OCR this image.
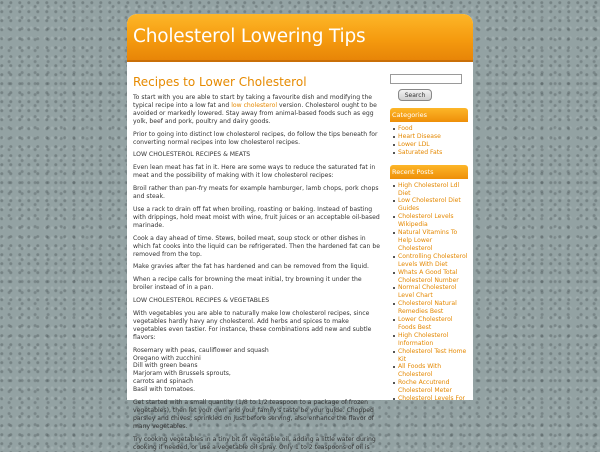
Cholesterol Lowering Tips
Recipes to Lower Cholesterol

To start with you are able to start by taking a favourite dish and modifying the typical recipe into a low fat and low cholesterol version. Cholesterol ought to be avoided or markedly lowered. Stay away from animal-based foods such as egg yolk, beef and pork, poultry and dairy goods.

Prior to going into distinct low cholesterol recipes, do follow the tips beneath for converting normal recipes into low cholesterol recipes.

LOW CHOLESTEROL RECIPES & MEATS

Even lean meat has fat in it. Here are some ways to reduce the saturated fat in meat and the possibility of making with it low cholesterol recipes:

Broil rather than pan-fry meats for example hamburger, lamb chops, pork chops and steak.

Use a rack to drain off fat when broiling, roasting or baking. Instead of basting with drippings, hold meat moist with wine, fruit juices or an acceptable oil-based marinade.

Cook a day ahead of time. Stews, boiled meat, soup stock or other dishes in which fat cooks into the liquid can be refrigerated. Then the hardened fat can be removed from the top.

Make gravies after the fat has hardened and can be removed from the liquid.

When a recipe calls for browning the meat initial, try browning it under the broiler instead of in a pan.

LOW CHOLESTEROL RECIPES & VEGETABLES

With vegetables you are able to naturally make low cholesterol recipes, since vegetables hardly havy any cholesterol. Add herbs and spices to make vegetables even tastier. For instance, these combinations add new and subtle flavors:

Rosemary with peas, cauliflower and squash
Oregano with zucchini
Dill with green beans
Marjoram with Brussels sprouts,
carrots and spinach
Basil with tomatoes.

Get started with a small quantity (1/8 to 1/2 teaspoon to a package of frozen vegetables), then let your own and your family's taste be your guide. Chopped parsley and chives, sprinkled on just before serving, also enhance the flavor of many vegetables.

Try cooking vegetables in a tiny bit of vegetable oil, adding a little water during cooking if needed, or use a vegetable oil spray. Only 1 to 2 teaspoons of oil is

Search
Categories
Food
Heart Disease
Lower LDL
Saturated Fats
Recent Posts
High Cholesterol Ldl Diet
Low Cholesterol Diet Guides
Cholesterol Levels Wikipedia
Natural Vitamins To Help Lower Cholesterol
Controlling Cholesterol Levels With Diet
Whats A Good Total Cholesterol Number
Normal Cholesterol Level Chart
Cholesterol Natural Remedies Best
Lower Cholesterol Foods Best
High Cholesterol Information
Cholesterol Test Home Kit
All Foods With Cholesterol
Roche Accutrend Cholesterol Meter
Cholesterol Levels For
